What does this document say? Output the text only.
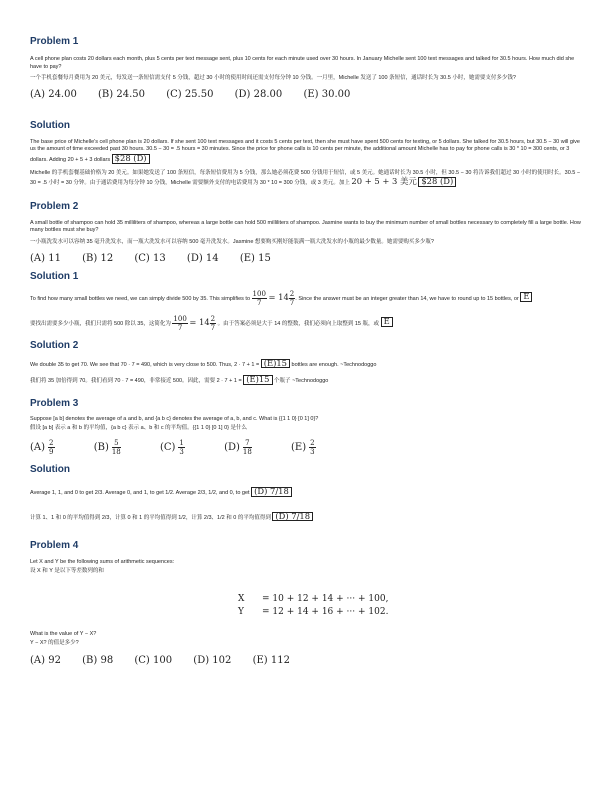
Problem 1

A cell phone plan costs 20 dollars each month, plus 5 cents per text message sent, plus 10 cents for each minute used over 30 hours. In January Michelle sent 100 text messages and talked for 30.5 hours. How much did she have to pay?

一个手机套餐每月费用为 20 美元，每发送一条短信需支付 5 分钱，超过 30 小时的使用时间还需支付每分钟 10 分钱。一月里，Michelle 发送了 100 条短信，通话时长为 30.5 小时，她需要支付多少钱?

(A) 24.00 (B) 24.50 (C) 25.50 (D) 28.00 (E) 30.00

Solution

The base price of Michelle's cell phone plan is 20 dollars. If she sent 100 text messages and it costs 5 cents per text, then she must have spent 500 cents for texting, or 5 dollars. She talked for 30.5 hours, but 30.5 − 30 will give us the amount of time exceeded past 30 hours. 30.5 − 30 = .5 hours = 30 minutes. Since the price for phone calls is 10 cents per minute, the additional amount Michelle has to pay for phone calls is 30 * 10 = 300 cents, or 3 dollars. Adding 20 + 5 + 3 dollars $28 (D)

Michelle 的手机套餐基础价格为 20 美元。如果她发送了 100 条短信，每条短信费用为 5 分钱，那么她必须花费 500 分钱用于短信，或 5 美元。她通话时长为 30.5 小时，但 30.5 − 30 将告诉我们超过 30 小时的使用时长。30.5 − 30 = .5 小时 = 30 分钟。由于通话费用为每分钟 10 分钱，Michelle 需要额外支付的电话费用为 30 * 10 = 300 分钱，或 3 美元。加上 20 + 5 + 3 美元 $28 (D)

Problem 2

A small bottle of shampoo can hold 35 milliliters of shampoo, whereas a large bottle can hold 500 milliliters of shampoo. Jasmine wants to buy the minimum number of small bottles necessary to completely fill a large bottle. How many bottles must she buy?

一小瓶洗发水可以容纳 35 毫升洗发水，而一瓶大洗发水可以容纳 500 毫升洗发水。Jasmine 想要购买刚好能装满一瓶大洗发水的小瓶的最少数量。她需要购买多少瓶?

(A) 11 (B) 12 (C) 13 (D) 14 (E) 15

Solution 1

To find how many small bottles we need, we can simply divide 500 by 35. This simplifies to $\frac{100}{7} = 14 \frac{2}{7}$ . Since the answer must be an integer greater than 14, we have to round up to 15 bottles, or E

要找出需要多少小瓶，我们只需将 500 除以 35，这简化为 $\frac{100}{7} = 14 \frac{2}{7}$ 。由于答案必须是大于 14 的整数，我们必须向上取整到 15 瓶，或 E

Solution 2

We double 35 to get 70. We see that 70 · 7 = 490, which is very close to 500. Thus, 2 · 7 + 1 = (E)15 bottles are enough. ~Technodoggo

我们将 35 加倍得到 70。我们看到 70 · 7 = 490，非常接近 500。因此，需要 2 · 7 + 1 = (E)15 个瓶子 ~Technodoggo

Problem 3

Suppose [a b] denotes the average of a and b, and {a b c} denotes the average of a, b, and c. What is {{1 1 0} [0 1] 0}?

假设 [a b] 表示 a 和 b 的平均值，{a b c} 表示 a、b 和 c 的平均值。{{1 1 0} [0 1] 0} 是什么

$(A) \frac{2}{9}$	$(B) \frac{5}{18}$	$(C) \frac{1}{3}$	$(D) \frac{7}{18}$	$(E) \frac{2}{3}$

Solution

Average 1, 1, and 0 to get 2/3. Average 0, and 1, to get 1/2. Average 2/3, 1/2, and 0, to get (D) 7/18

计算 1、1 和 0 的平均值得到 2/3，计算 0 和 1 的平均值得到 1/2，计算 2/3、1/2 和 0 的平均值得到 (D) 7/18

Problem 4

Let X and Y be the following sums of arithmetic sequences:

设 X 和 Y 是以下等差数列的和

X = 10 + 12 + 14 + ··· + 100,
Y = 12 + 14 + 16 + ··· + 102.

What is the value of Y − X?

Y − X? 的值是多少?

(A) 92 (B) 98 (C) 100 (D) 102 (E) 112
